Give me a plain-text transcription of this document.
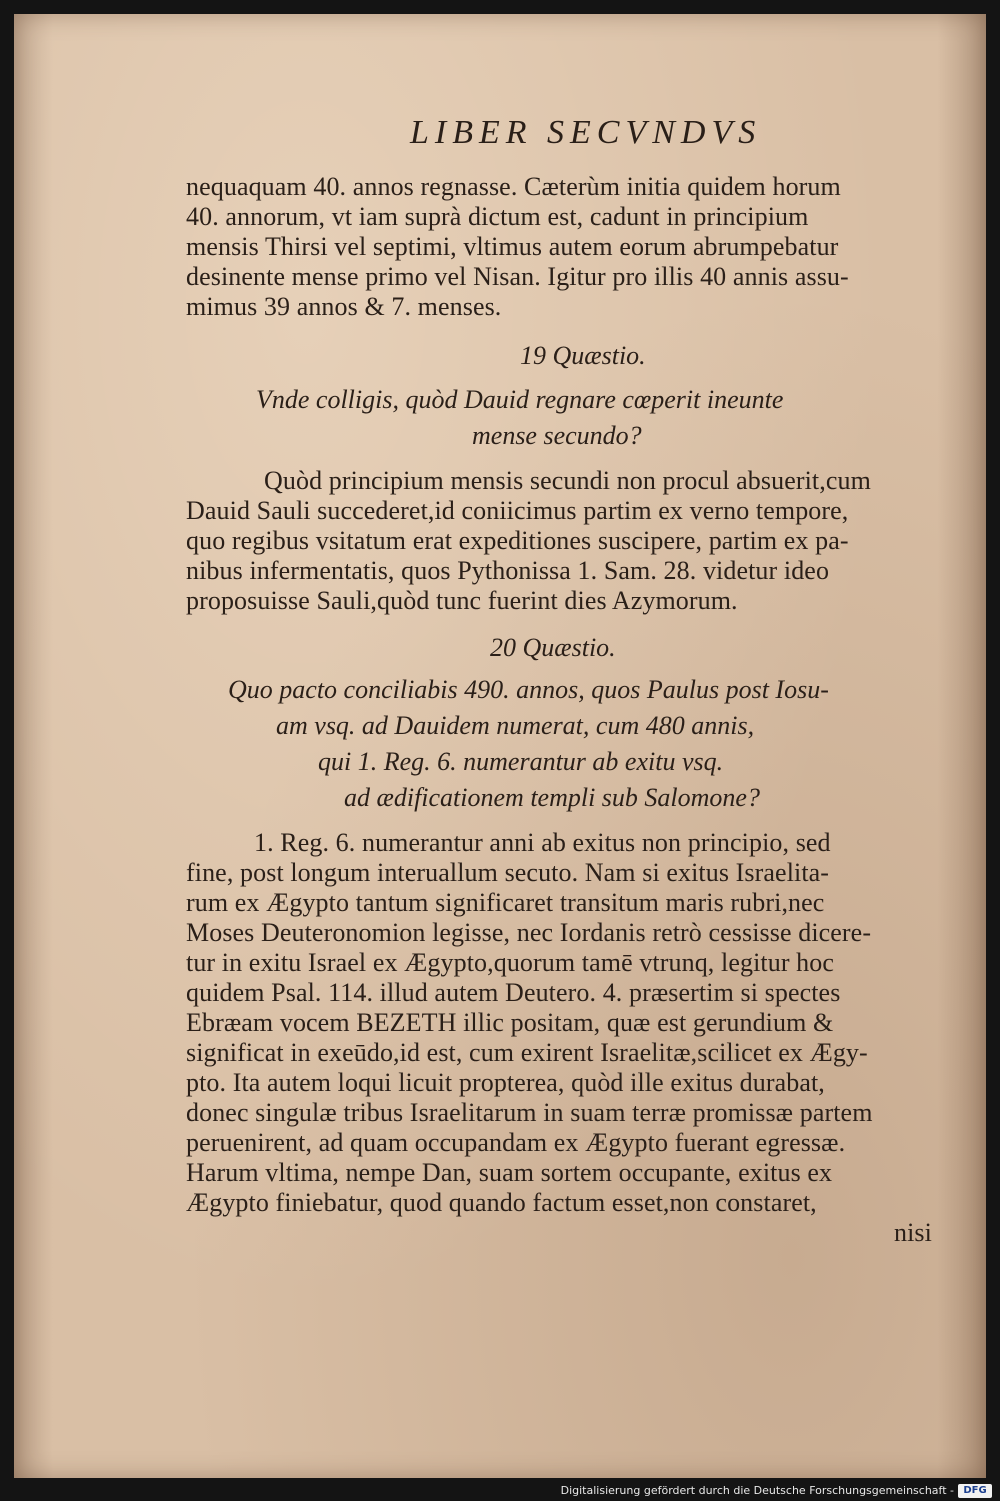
LIBER SECVNDVS
nequaquam 40. annos regnasse. Cæterùm initia quidem horum
40. annorum, vt iam suprà dictum est, cadunt in principium
mensis Thirsi vel septimi, vltimus autem eorum abrumpebatur
desinente mense primo vel Nisan. Igitur pro illis 40 annis assu-
mimus 39 annos & 7. menses.
19 Quæstio.
Vnde colligis, quòd Dauid regnare cœperit ineunte
mense secundo?
Quòd principium mensis secundi non procul absuerit,cum
Dauid Sauli succederet,id coniicimus partim ex verno tempore,
quo regibus vsitatum erat expeditiones suscipere, partim ex pa-
nibus infermentatis, quos Pythonissa 1. Sam. 28. videtur ideo
proposuisse Sauli,quòd tunc fuerint dies Azymorum.
20 Quæstio.
Quo pacto conciliabis 490. annos, quos Paulus post Iosu-
am vsq. ad Dauidem numerat, cum 480 annis,
qui 1. Reg. 6. numerantur ab exitu vsq.
ad ædificationem templi sub Salomone?
1. Reg. 6. numerantur anni ab exitus non principio, sed
fine, post longum interuallum secuto. Nam si exitus Israelita-
rum ex Ægypto tantum significaret transitum maris rubri,nec
Moses Deuteronomion legisse, nec Iordanis retrò cessisse dicere-
tur in exitu Israel ex Ægypto,quorum tamē vtrunq, legitur hoc
quidem Psal. 114. illud autem Deutero. 4. præsertim si spectes
Ebræam vocem BEZETH illic positam, quæ est gerundium &
significat in exeūdo,id est, cum exirent Israelitæ,scilicet ex Ægy-
pto. Ita autem loqui licuit propterea, quòd ille exitus durabat,
donec singulæ tribus Israelitarum in suam terræ promissæ partem
peruenirent, ad quam occupandam ex Ægypto fuerant egressæ.
Harum vltima, nempe Dan, suam sortem occupante, exitus ex
Ægypto finiebatur, quod quando factum esset,non constaret,
nisi
Digitalisierung gefördert durch die Deutsche Forschungsgemeinschaft - DFG
